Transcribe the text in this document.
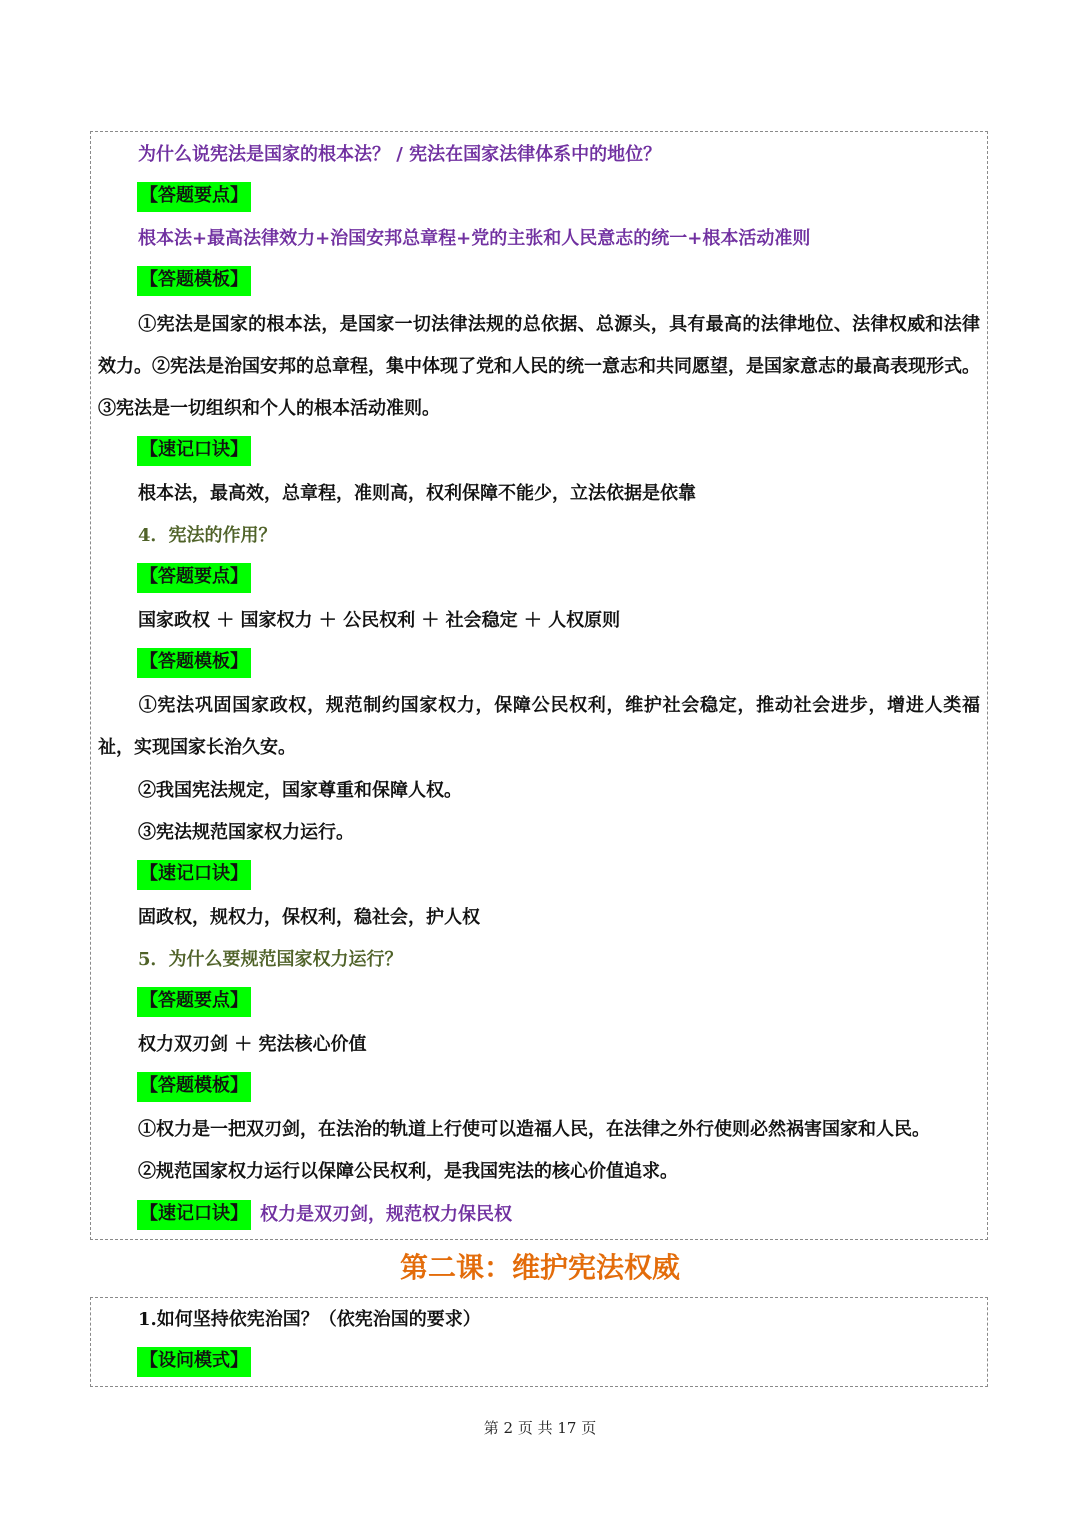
为什么说宪法是国家的根本法？ / 宪法在国家法律体系中的地位？
【答题要点】
根本法+最高法律效力+治国安邦总章程+党的主张和人民意志的统一+根本活动准则
【答题模板】
①宪法是国家的根本法，是国家一切法律法规的总依据、总源头，具有最高的法律地位、法律权威和法律效力。②宪法是治国安邦的总章程，集中体现了党和人民的统一意志和共同愿望，是国家意志的最高表现形式。③宪法是一切组织和个人的根本活动准则。
【速记口诀】
根本法，最高效，总章程，准则高，权利保障不能少，立法依据是依靠
4．宪法的作用？
【答题要点】
国家政权 ＋ 国家权力 ＋ 公民权利 ＋ 社会稳定 ＋ 人权原则
【答题模板】
①宪法巩固国家政权，规范制约国家权力，保障公民权利，维护社会稳定，推动社会进步，增进人类福祉，实现国家长治久安。
②我国宪法规定，国家尊重和保障人权。
③宪法规范国家权力运行。
【速记口诀】
固政权，规权力，保权利，稳社会，护人权
5．为什么要规范国家权力运行？
【答题要点】
权力双刃剑 ＋ 宪法核心价值
【答题模板】
①权力是一把双刃剑，在法治的轨道上行使可以造福人民，在法律之外行使则必然祸害国家和人民。
②规范国家权力运行以保障公民权利，是我国宪法的核心价值追求。
【速记口诀】 权力是双刃剑，规范权力保民权
第二课：维护宪法权威
1.如何坚持依宪治国？（依宪治国的要求）
【设问模式】
第 2 页 共 17 页
